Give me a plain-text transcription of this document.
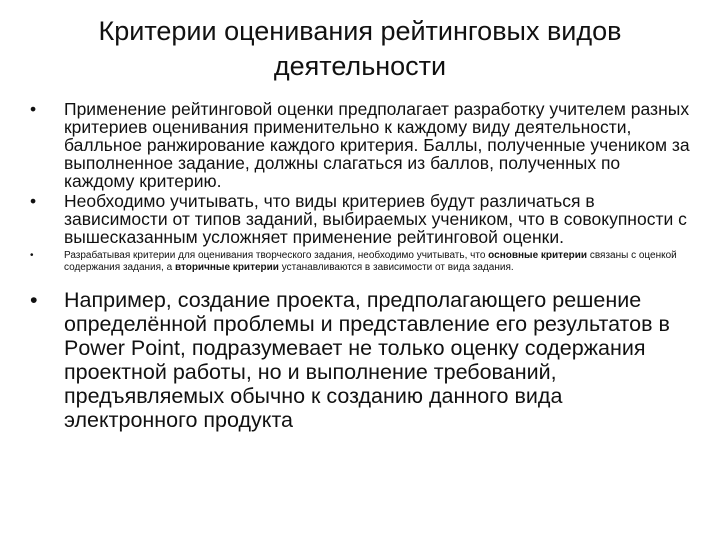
Критерии оценивания рейтинговых видов
деятельности
•	Применение рейтинговой оценки предполагает разработку учителем разных критериев оценивания применительно к каждому виду деятельности, балльное ранжирование каждого критерия. Баллы, полученные учеником за выполненное задание, должны слагаться из баллов, полученных по каждому критерию.
•	Необходимо учитывать, что виды критериев будут различаться в зависимости от типов заданий, выбираемых учеником, что в совокупности с вышесказанным усложняет применение рейтинговой оценки.
•	Разрабатывая критерии для оценивания творческого задания, необходимо учитывать, что основные критерии связаны с оценкой содержания задания, а вторичные критерии устанавливаются в зависимости от вида задания.
•	Например, создание проекта, предполагающего решение определённой проблемы и представление его результатов в Power Point, подразумевает не только оценку содержания проектной работы, но и выполнение требований, предъявляемых обычно к созданию данного вида электронного продукта
